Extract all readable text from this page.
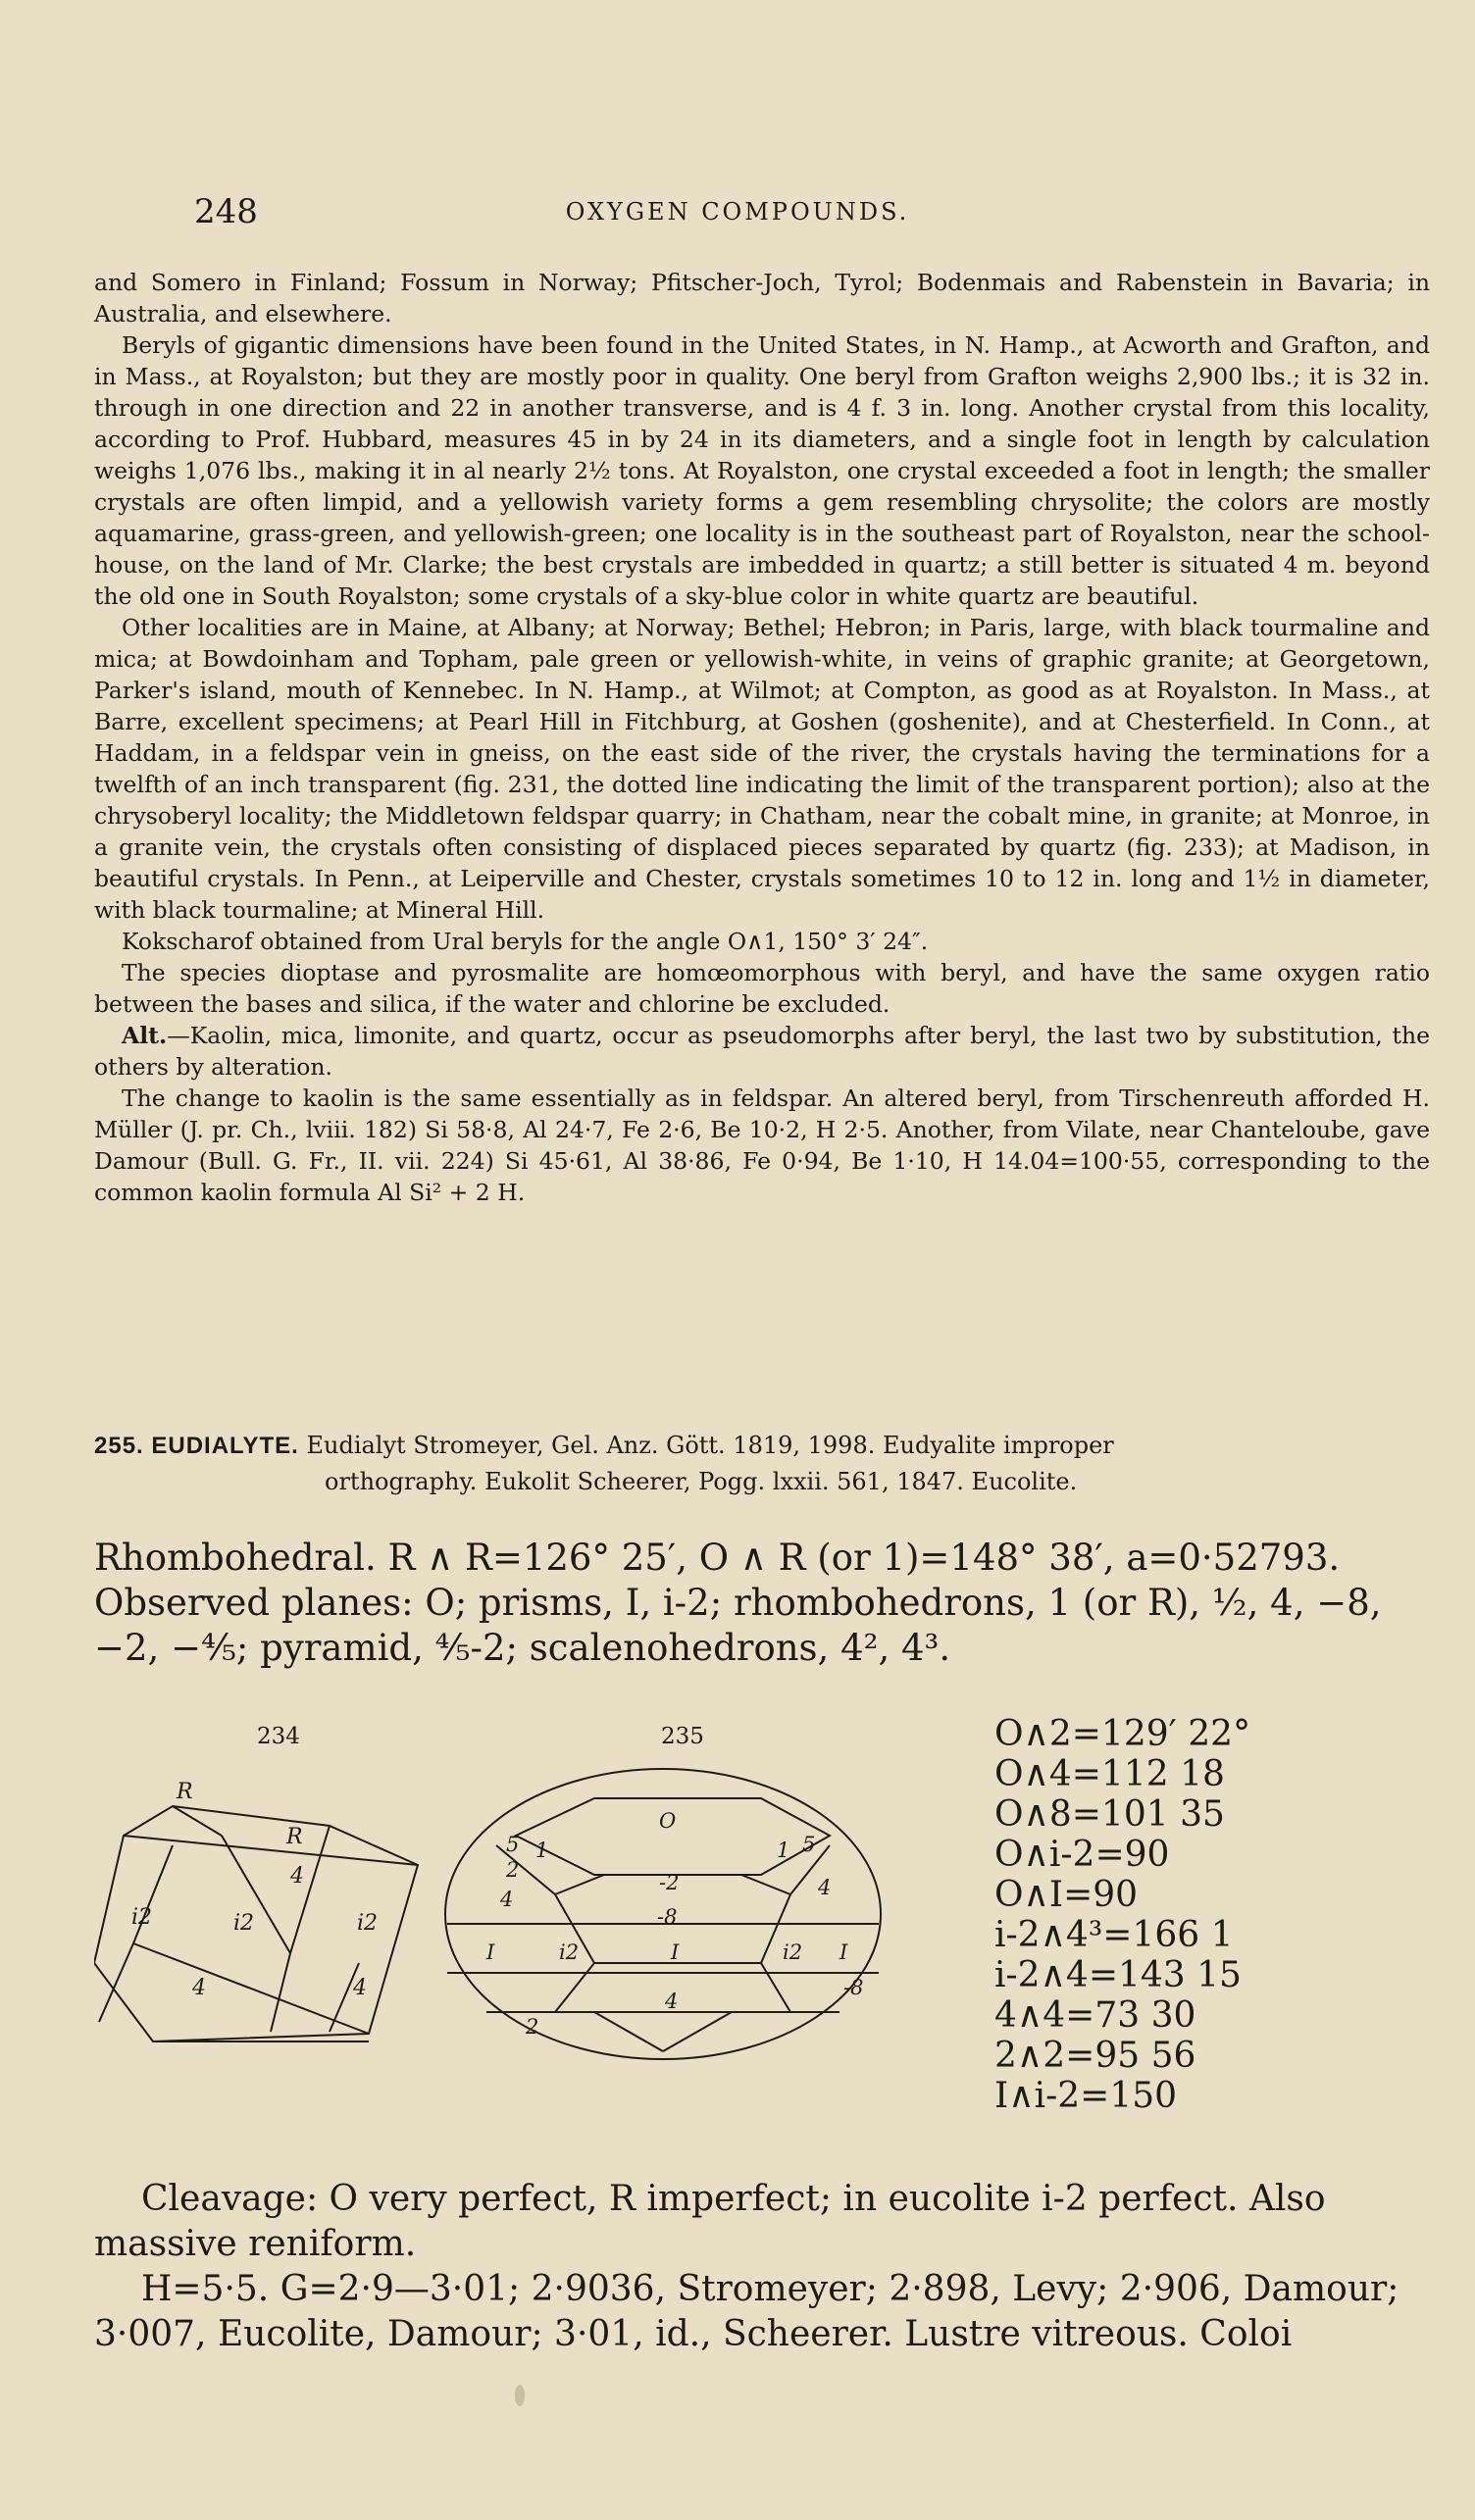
248	OXYGEN COMPOUNDS.

and Somero in Finland; Fossum in Norway; Pfitscher-Joch, Tyrol; Bodenmais and Rabenstein in Bavaria; in Australia, and elsewhere.

Beryls of gigantic dimensions have been found in the United States, in N. Hamp., at Acworth and Grafton, and in Mass., at Royalston; but they are mostly poor in quality. One beryl from Grafton weighs 2,900 lbs.; it is 32 in. through in one direction and 22 in another transverse, and is 4 f. 3 in. long. Another crystal from this locality, according to Prof. Hubbard, measures 45 in by 24 in its diameters, and a single foot in length by calculation weighs 1,076 lbs., making it in al nearly 2½ tons. At Royalston, one crystal exceeded a foot in length; the smaller crystals are often limpid, and a yellowish variety forms a gem resembling chrysolite; the colors are mostly aquamarine, grass-green, and yellowish-green; one locality is in the southeast part of Royalston, near the school-house, on the land of Mr. Clarke; the best crystals are imbedded in quartz; a still better is situated 4 m. beyond the old one in South Royalston; some crystals of a sky-blue color in white quartz are beautiful.

Other localities are in Maine, at Albany; at Norway; Bethel; Hebron; in Paris, large, with black tourmaline and mica; at Bowdoinham and Topham, pale green or yellowish-white, in veins of graphic granite; at Georgetown, Parker's island, mouth of Kennebec. In N. Hamp., at Wilmot; at Compton, as good as at Royalston. In Mass., at Barre, excellent specimens; at Pearl Hill in Fitchburg, at Goshen (goshenite), and at Chesterfield. In Conn., at Haddam, in a feldspar vein in gneiss, on the east side of the river, the crystals having the terminations for a twelfth of an inch transparent (fig. 231, the dotted line indicating the limit of the transparent portion); also at the chrysoberyl locality; the Middletown feldspar quarry; in Chatham, near the cobalt mine, in granite; at Monroe, in a granite vein, the crystals often consisting of displaced pieces separated by quartz (fig. 233); at Madison, in beautiful crystals. In Penn., at Leiperville and Chester, crystals sometimes 10 to 12 in. long and 1½ in diameter, with black tourmaline; at Mineral Hill.

Kokscharof obtained from Ural beryls for the angle O∧1, 150° 3′ 24″.

The species dioptase and pyrosmalite are homœomorphous with beryl, and have the same oxygen ratio between the bases and silica, if the water and chlorine be excluded.

Alt.—Kaolin, mica, limonite, and quartz, occur as pseudomorphs after beryl, the last two by substitution, the others by alteration.

The change to kaolin is the same essentially as in feldspar. An altered beryl, from Tirschenreuth afforded H. Müller (J. pr. Ch., lviii. 182) Si 58·8, Al 24·7, Fe 2·6, Be 10·2, H 2·5. Another, from Vilate, near Chanteloube, gave Damour (Bull. G. Fr., II. vii. 224) Si 45·61, Al 38·86, Fe 0·94, Be 1·10, H 14.04=100·55, corresponding to the common kaolin formula Al Si² + 2 H.

255. EUDIALYTE. Eudialyt Stromeyer, Gel. Anz. Gött. 1819, 1998. Eudyalite improper
orthography. Eukolit Scheerer, Pogg. lxxii. 561, 1847. Eucolite.

Rhombohedral. R ∧ R=126° 25′, O ∧ R (or 1)=148° 38′, a=0·52793.

Observed planes: O; prisms, I, i-2; rhombohedrons, 1 (or R), ½, 4, −8,

−2, −⅘; pyramid, ⅘-2; scalenohedrons, 4², 4³.

234	235
R
R
4
i2	i2	i2
4	4
O
5 1	1 5
2
-2
4	4
-8
I	i2	I	i2 I
-8
4
2
O∧2=129′ 22°
O∧4=112 18
O∧8=101 35
O∧i-2=90
O∧I=90
i-2∧4³=166 1
i-2∧4=143 15
4∧4=73 30
2∧2=95 56
I∧i-2=150

Cleavage: O very perfect, R imperfect; in eucolite i-2 perfect. Also massive reniform.

H=5·5. G=2·9—3·01; 2·9036, Stromeyer; 2·898, Levy; 2·906, Damour; 3·007, Eucolite, Damour; 3·01, id., Scheerer. Lustre vitreous. Coloi
